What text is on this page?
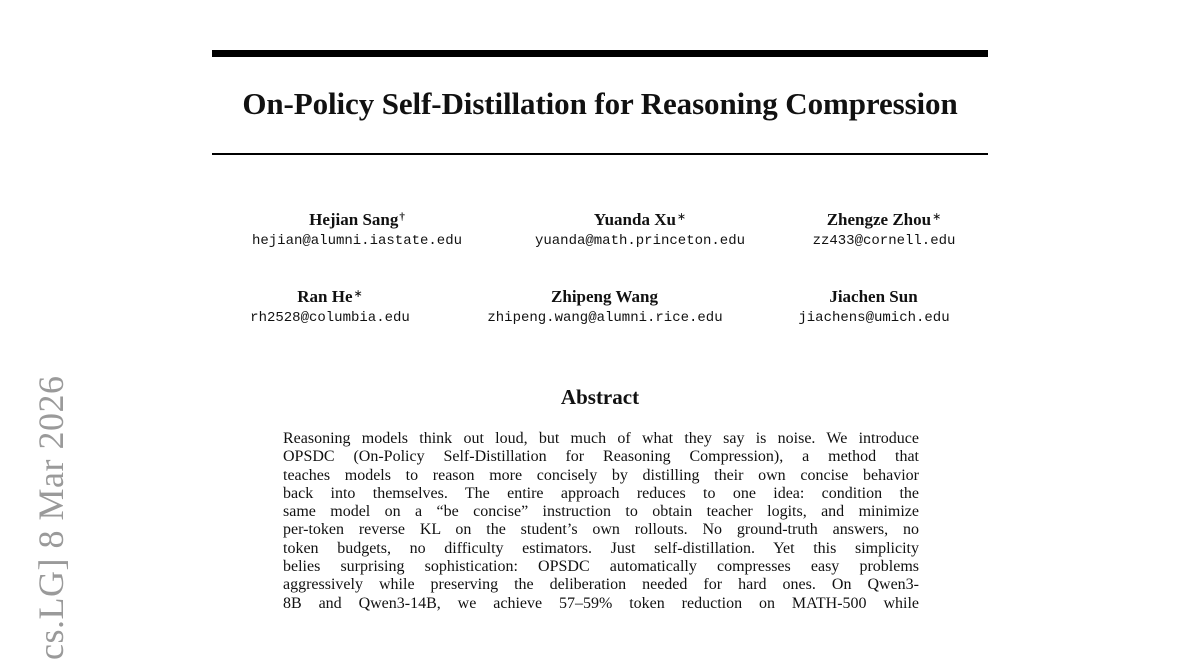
On-Policy Self-Distillation for Reasoning Compression
Hejian Sang†
hejian@alumni.iastate.edu
Yuanda Xu∗
yuanda@math.princeton.edu
Zhengze Zhou∗
zz433@cornell.edu
Ran He∗
rh2528@columbia.edu
Zhipeng Wang
zhipeng.wang@alumni.rice.edu
Jiachen Sun
jiachens@umich.edu
cs.LG] 8 Mar 2026	Abstract
Reasoning models think out loud, but much of what they say is noise. We introduce
OPSDC (On-Policy Self-Distillation for Reasoning Compression), a method that
teaches models to reason more concisely by distilling their own concise behavior
back into themselves. The entire approach reduces to one idea: condition the
same model on a “be concise” instruction to obtain teacher logits, and minimize
per-token reverse KL on the student’s own rollouts. No ground-truth answers, no
token budgets, no difficulty estimators. Just self-distillation. Yet this simplicity
belies surprising sophistication: OPSDC automatically compresses easy problems
aggressively while preserving the deliberation needed for hard ones. On Qwen3-
8B and Qwen3-14B, we achieve 57–59% token reduction on MATH-500 while
